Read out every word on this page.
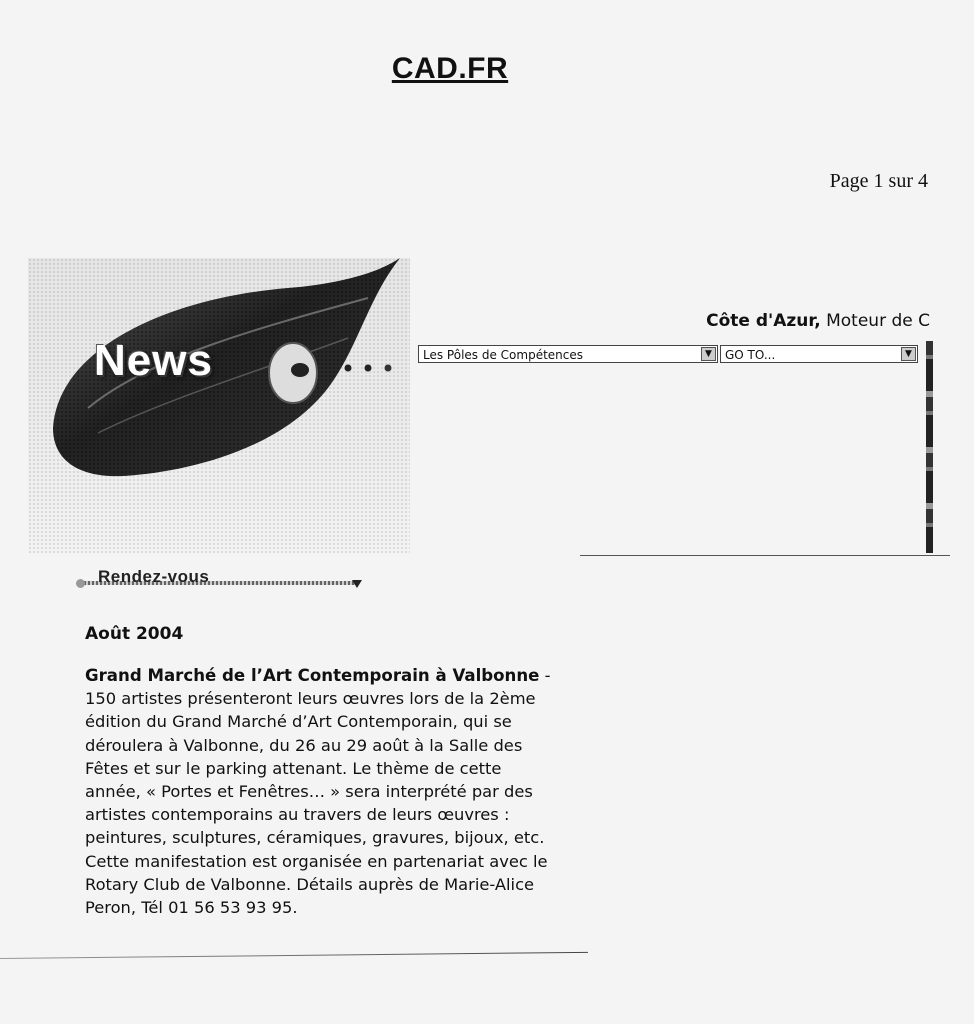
CAD.FR
Page 1 sur 4
News
Côte d'Azur, Moteur de C
Les Pôles de Compétences	▼	GO TO...	▼
Rendez-vous
Août 2004
Grand Marché de l’Art Contemporain à Valbonne - 150 artistes présenteront leurs œuvres lors de la 2ème édition du Grand Marché d’Art Contemporain, qui se déroulera à Valbonne, du 26 au 29 août à la Salle des Fêtes et sur le parking attenant. Le thème de cette année, « Portes et Fenêtres… » sera interprété par des artistes contemporains au travers de leurs œuvres : peintures, sculptures, céramiques, gravures, bijoux, etc. Cette manifestation est organisée en partenariat avec le Rotary Club de Valbonne. Détails auprès de Marie-Alice Peron, Tél 01 56 53 93 95.
